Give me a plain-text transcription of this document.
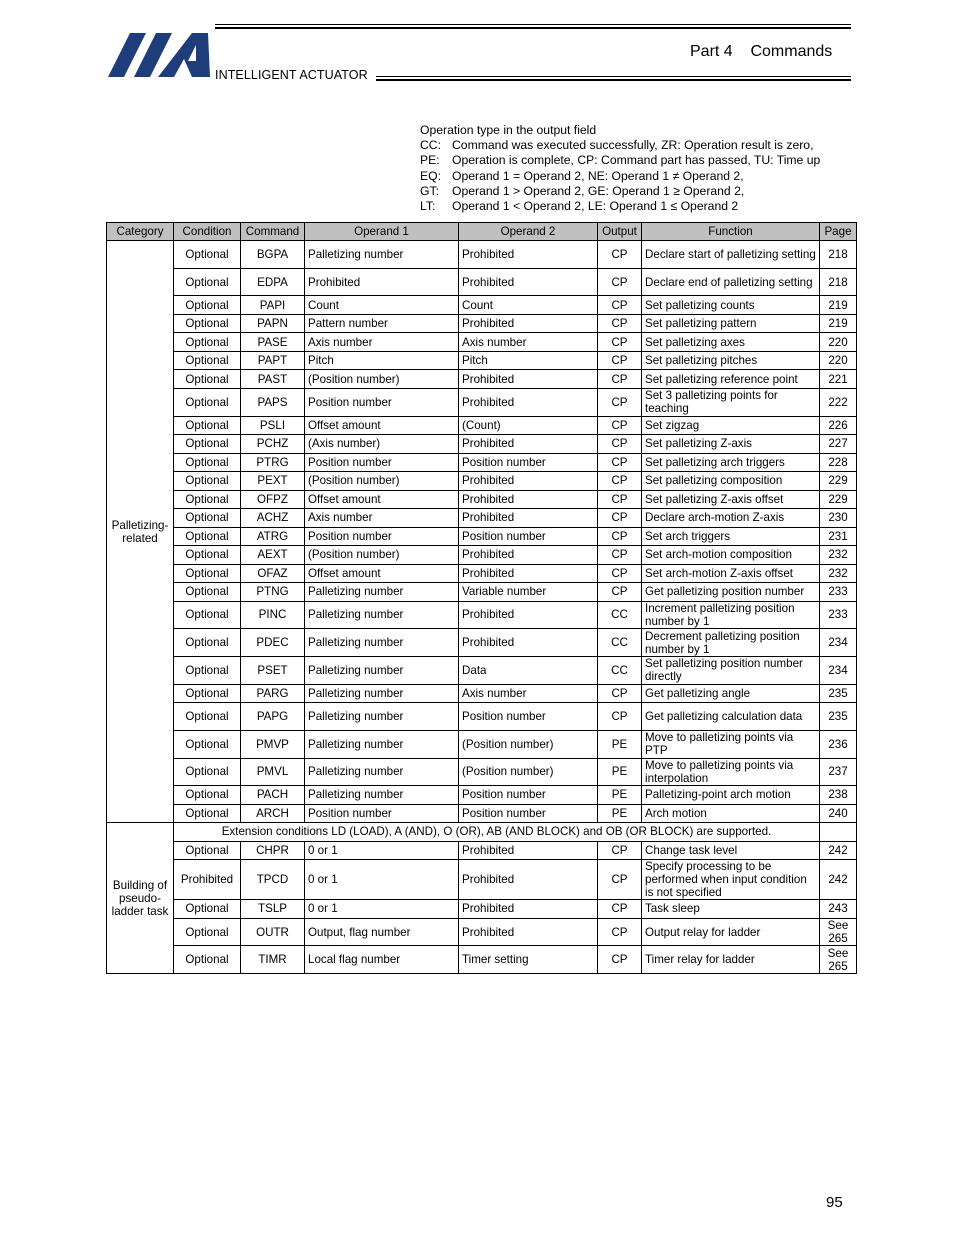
INTELLIGENT ACTUATOR
Part 4    Commands
Operation type in the output field
CC: Command was executed successfully, ZR: Operation result is zero,
PE:	Operation is complete, CP: Command part has passed, TU: Time up
EQ: Operand 1 = Operand 2, NE: Operand 1 ≠ Operand 2,
GT:	Operand 1 > Operand 2, GE: Operand 1 ≥ Operand 2,
LT:	Operand 1 < Operand 2, LE: Operand 1 ≤ Operand 2
Category	Condition	Command	Operand 1	Operand 2	Output	Function	Page
Palletizing-related	Optional	BGPA	Palletizing number	Prohibited	CP	Declare start of palletizing setting	218
	Optional	EDPA	Prohibited	Prohibited	CP	Declare end of palletizing setting	218
	Optional	PAPI	Count	Count	CP	Set palletizing counts	219
	Optional	PAPN	Pattern number	Prohibited	CP	Set palletizing pattern	219
	Optional	PASE	Axis number	Axis number	CP	Set palletizing axes	220
	Optional	PAPT	Pitch	Pitch	CP	Set palletizing pitches	220
	Optional	PAST	(Position number)	Prohibited	CP	Set palletizing reference point	221
	Optional	PAPS	Position number	Prohibited	CP	Set 3 palletizing points for teaching	222
	Optional	PSLI	Offset amount	(Count)	CP	Set zigzag	226
	Optional	PCHZ	(Axis number)	Prohibited	CP	Set palletizing Z-axis	227
	Optional	PTRG	Position number	Position number	CP	Set palletizing arch triggers	228
	Optional	PEXT	(Position number)	Prohibited	CP	Set palletizing composition	229
	Optional	OFPZ	Offset amount	Prohibited	CP	Set palletizing Z-axis offset	229
	Optional	ACHZ	Axis number	Prohibited	CP	Declare arch-motion Z-axis	230
	Optional	ATRG	Position number	Position number	CP	Set arch triggers	231
	Optional	AEXT	(Position number)	Prohibited	CP	Set arch-motion composition	232
	Optional	OFAZ	Offset amount	Prohibited	CP	Set arch-motion Z-axis offset	232
	Optional	PTNG	Palletizing number	Variable number	CP	Get palletizing position number	233
	Optional	PINC	Palletizing number	Prohibited	CC	Increment palletizing position number by 1	233
	Optional	PDEC	Palletizing number	Prohibited	CC	Decrement palletizing position number by 1	234
	Optional	PSET	Palletizing number	Data	CC	Set palletizing position number directly	234
	Optional	PARG	Palletizing number	Axis number	CP	Get palletizing angle	235
	Optional	PAPG	Palletizing number	Position number	CP	Get palletizing calculation data	235
	Optional	PMVP	Palletizing number	(Position number)	PE	Move to palletizing points via PTP	236
	Optional	PMVL	Palletizing number	(Position number)	PE	Move to palletizing points via interpolation	237
	Optional	PACH	Palletizing number	Position number	PE	Palletizing-point arch motion	238
	Optional	ARCH	Position number	Position number	PE	Arch motion	240
Building of pseudo-ladder task	Extension conditions LD (LOAD), A (AND), O (OR), AB (AND BLOCK) and OB (OR BLOCK) are supported.						
	Optional	CHPR	0 or 1	Prohibited	CP	Change task level	242
	Prohibited	TPCD	0 or 1	Prohibited	CP	Specify processing to be performed when input condition is not specified	242
	Optional	TSLP	0 or 1	Prohibited	CP	Task sleep	243
	Optional	OUTR	Output, flag number	Prohibited	CP	Output relay for ladder	See 265
	Optional	TIMR	Local flag number	Timer setting	CP	Timer relay for ladder	See 265
95
